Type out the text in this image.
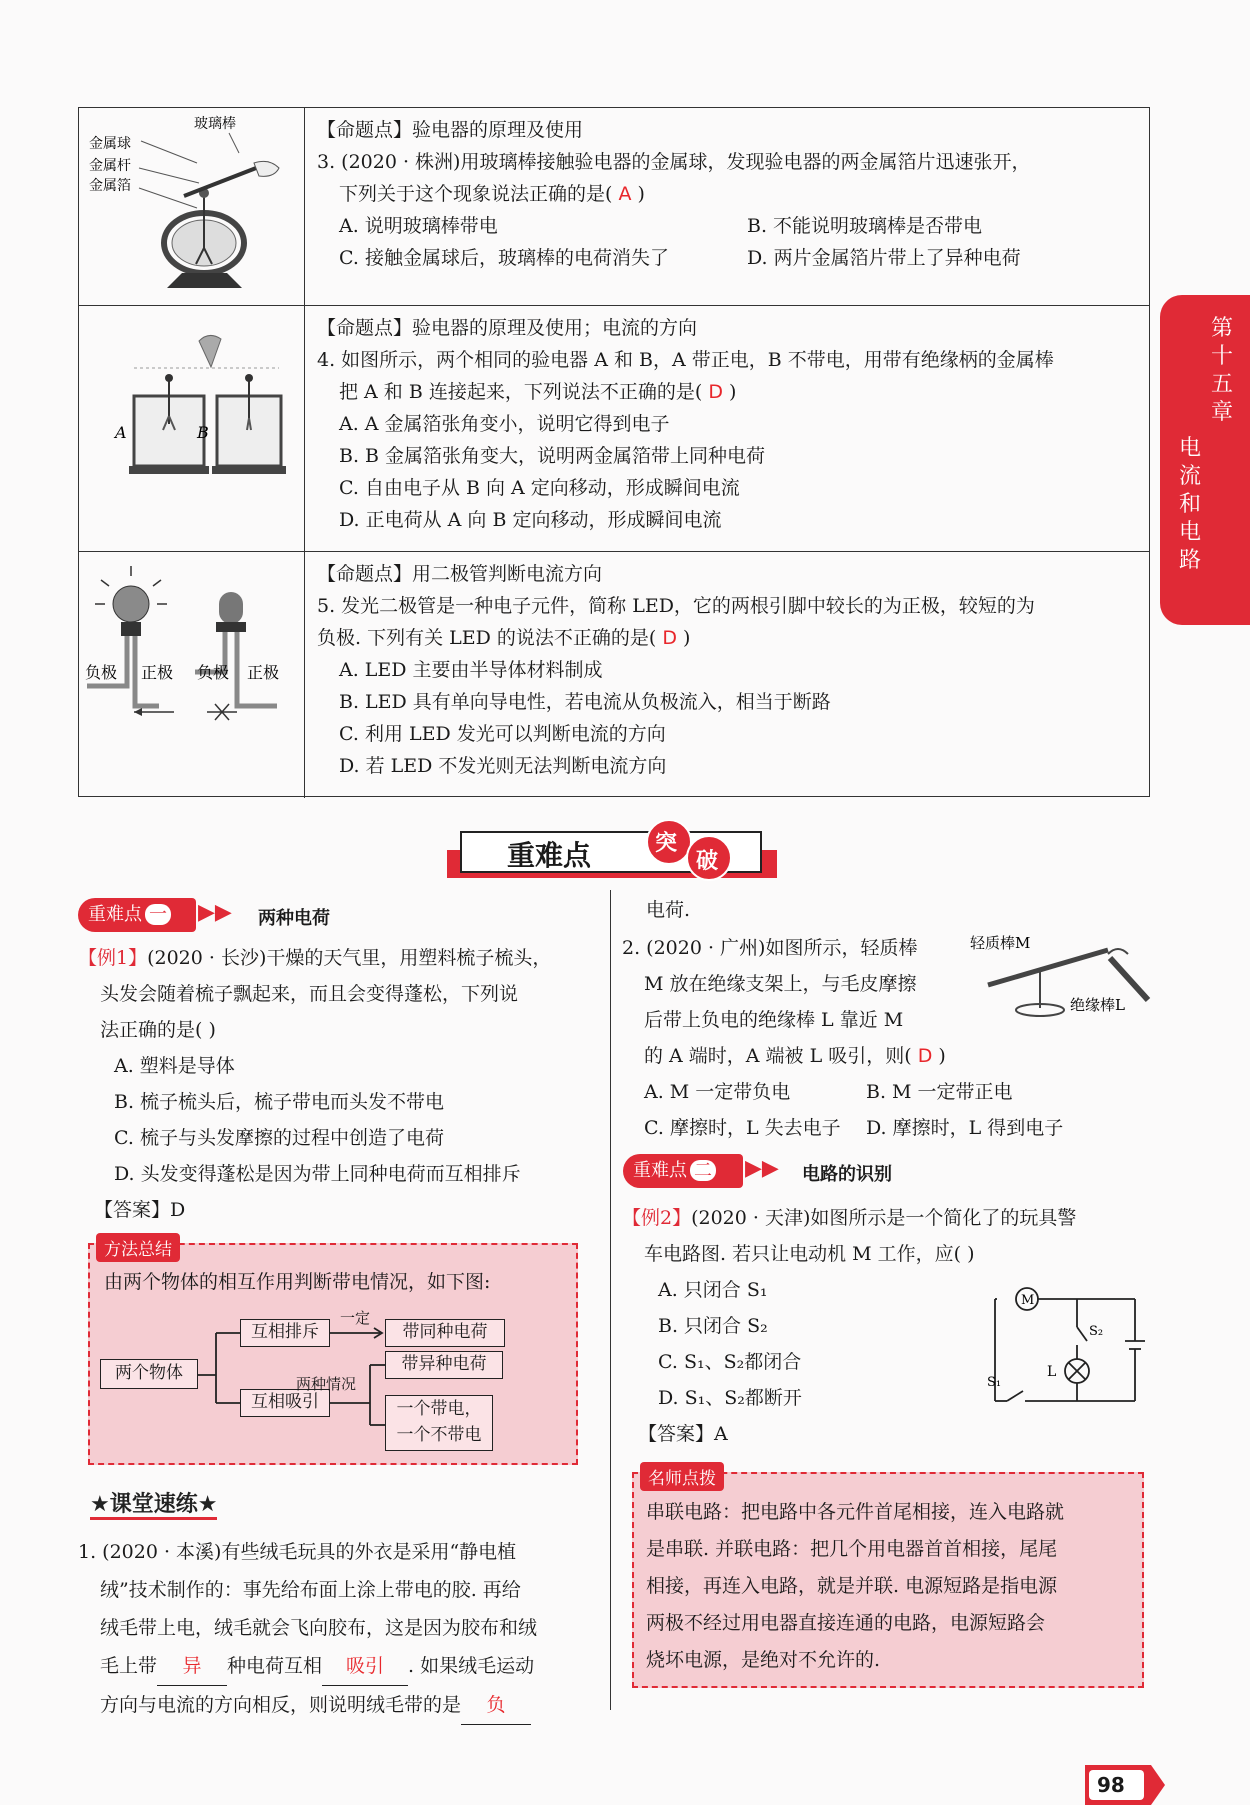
第十五章
电流和电路
玻璃棒
金属球
金属杆
金属箔
【命题点】验电器的原理及使用
3. (2020 · 株洲)用玻璃棒接触验电器的金属球，发现验电器的两金属箔片迅速张开，
下列关于这个现象说法正确的是( A )
A. 说明玻璃棒带电	B. 不能说明玻璃棒是否带电
C. 接触金属球后，玻璃棒的电荷消失了	D. 两片金属箔片带上了异种电荷
A	B
【命题点】验电器的原理及使用；电流的方向
4. 如图所示，两个相同的验电器 A 和 B，A 带正电，B 不带电，用带有绝缘柄的金属棒
把 A 和 B 连接起来，下列说法不正确的是( D )
A. A 金属箔张角变小，说明它得到电子
B. B 金属箔张角变大，说明两金属箔带上同种电荷
C. 自由电子从 B 向 A 定向移动，形成瞬间电流
D. 正电荷从 A 向 B 定向移动，形成瞬间电流
负极 正极 负极 正极
【命题点】用二极管判断电流方向
5. 发光二极管是一种电子元件，简称 LED，它的两根引脚中较长的为正极，较短的为
负极. 下列有关 LED 的说法不正确的是( D )
A. LED 主要由半导体材料制成
B. LED 具有单向导电性，若电流从负极流入，相当于断路
C. 利用 LED 发光可以判断电流的方向
D. 若 LED 不发光则无法判断电流方向
重难点	突
破
重难点 一	▶▶ 两种电荷
【例1】(2020 · 长沙)干燥的天气里，用塑料梳子梳头，
头发会随着梳子飘起来，而且会变得蓬松，下列说
法正确的是( )
A. 塑料是导体
B. 梳子梳头后，梳子带电而头发不带电
C. 梳子与头发摩擦的过程中创造了电荷
D. 头发变得蓬松是因为带上同种电荷而互相排斥
【答案】D
方法总结
由两个物体的相互作用判断带电情况，如下图:
两个物体
互相排斥
互相吸引
一定
两种情况
带同种电荷
带异种电荷
一个带电，
一个不带电
★课堂速练★
1. (2020 · 本溪)有些绒毛玩具的外衣是采用“静电植
绒”技术制作的：事先给布面上涂上带电的胶. 再给
绒毛带上电，绒毛就会飞向胶布，这是因为胶布和绒
毛上带 异 种电荷互相 吸引 . 如果绒毛运动
方向与电流的方向相反，则说明绒毛带的是 负
电荷.
2. (2020 · 广州)如图所示，轻质棒
M 放在绝缘支架上，与毛皮摩擦
后带上负电的绝缘棒 L 靠近 M
的 A 端时，A 端被 L 吸引，则( D )
A. M 一定带负电	B. M 一定带正电
C. 摩擦时，L 失去电子	D. 摩擦时，L 得到电子
轻质棒M
绝缘棒L
重难点 二	▶▶ 电路的识别
【例2】(2020 · 天津)如图所示是一个简化了的玩具警
车电路图. 若只让电动机 M 工作，应( )
A. 只闭合 S₁
B. 只闭合 S₂
C. S₁、S₂都闭合
D. S₁、S₂都断开
【答案】A
M
L
S₁
S₂
名师点拨
串联电路：把电路中各元件首尾相接，连入电路就
是串联. 并联电路：把几个用电器首首相接，尾尾
相接，再连入电路，就是并联. 电源短路是指电源
两极不经过用电器直接连通的电路，电源短路会
烧坏电源，是绝对不允许的.
98
